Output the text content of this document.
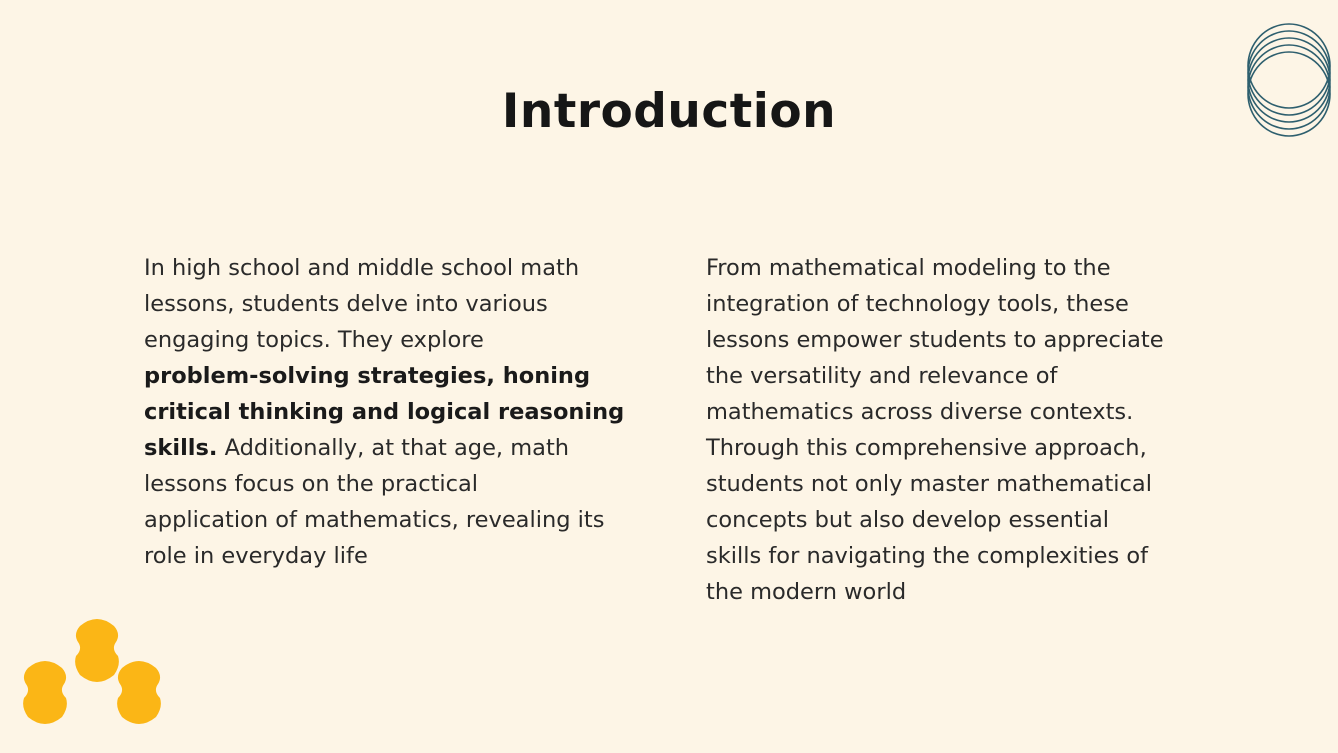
Introduction
In high school and middle school math
lessons, students delve into various
engaging topics. They explore
problem-solving strategies, honing
critical thinking and logical reasoning
skills. Additionally, at that age, math
lessons focus on the practical
application of mathematics, revealing its
role in everyday life
From mathematical modeling to the
integration of technology tools, these
lessons empower students to appreciate
the versatility and relevance of
mathematics across diverse contexts.
Through this comprehensive approach,
students not only master mathematical
concepts but also develop essential
skills for navigating the complexities of
the modern world
